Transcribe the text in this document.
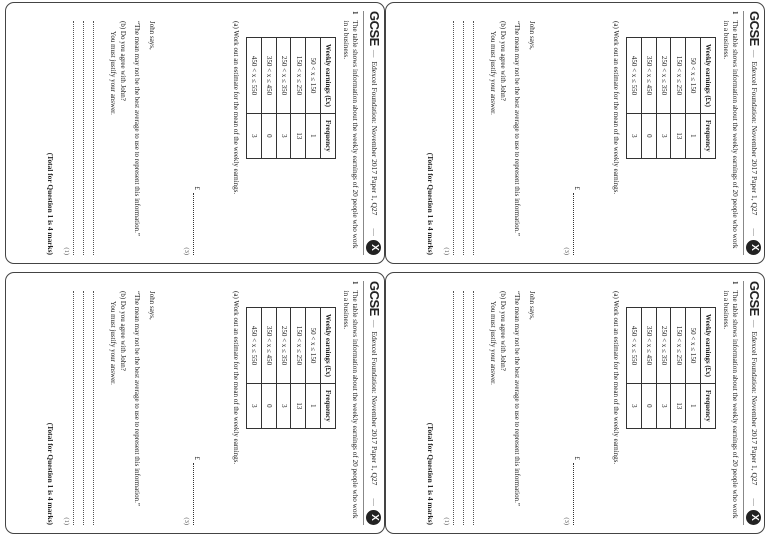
GCSE
—
Edexcel Foundation: November 2017 Paper 1, Q27
—
X
1

The table shows information about the weekly earnings of 20 people who work in a business.

Weekly earnings (£x)	Frequency
50 < x ≤ 150	1
150 < x ≤ 250	13
250 < x ≤ 350	3
350 < x ≤ 450	0
450 < x ≤ 550	3

(a) Work out an estimate for the mean of the weekly earnings.

£
(3)

John says,

“The mean may not be the best average to use to represent this information.”

(b) Do you agree with John?

You must justify your answer.

(1)
(Total for Question 1 is 4 marks)
GCSE
—
Edexcel Foundation: November 2017 Paper 1, Q27
—
X
1

The table shows information about the weekly earnings of 20 people who work in a business.

Weekly earnings (£x)	Frequency
50 < x ≤ 150	1
150 < x ≤ 250	13
250 < x ≤ 350	3
350 < x ≤ 450	0
450 < x ≤ 550	3

(a) Work out an estimate for the mean of the weekly earnings.

£
(3)

John says,

“The mean may not be the best average to use to represent this information.”

(b) Do you agree with John?

You must justify your answer.

(1)
(Total for Question 1 is 4 marks)
GCSE
—
Edexcel Foundation: November 2017 Paper 1, Q27
—
X
1

The table shows information about the weekly earnings of 20 people who work in a business.

Weekly earnings (£x)	Frequency
50 < x ≤ 150	1
150 < x ≤ 250	13
250 < x ≤ 350	3
350 < x ≤ 450	0
450 < x ≤ 550	3

(a) Work out an estimate for the mean of the weekly earnings.

£
(3)

John says,

“The mean may not be the best average to use to represent this information.”

(b) Do you agree with John?

You must justify your answer.

(1)
(Total for Question 1 is 4 marks)
GCSE
—
Edexcel Foundation: November 2017 Paper 1, Q27
—
X
1

The table shows information about the weekly earnings of 20 people who work in a business.

Weekly earnings (£x)	Frequency
50 < x ≤ 150	1
150 < x ≤ 250	13
250 < x ≤ 350	3
350 < x ≤ 450	0
450 < x ≤ 550	3

(a) Work out an estimate for the mean of the weekly earnings.

£
(3)

John says,

“The mean may not be the best average to use to represent this information.”

(b) Do you agree with John?

You must justify your answer.

(1)
(Total for Question 1 is 4 marks)
